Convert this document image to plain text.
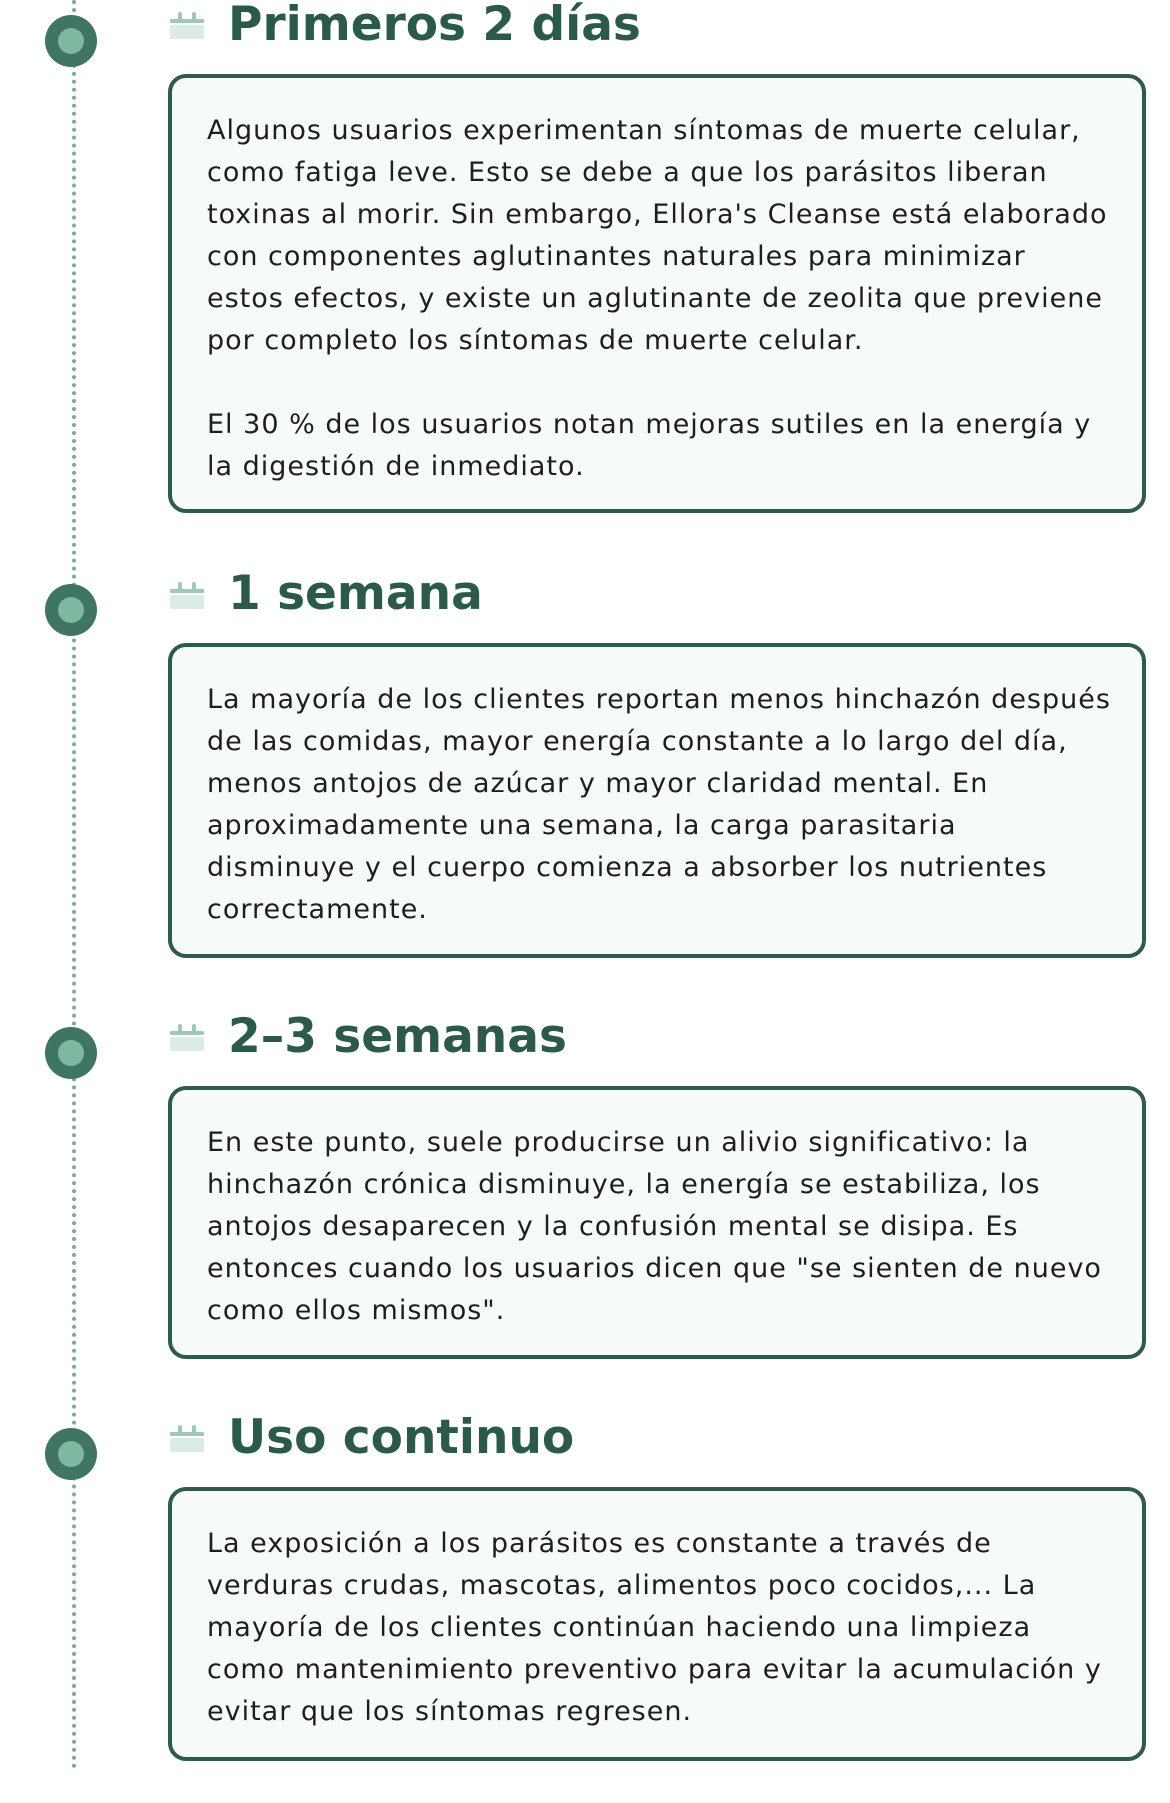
Primeros 2 días

Algunos usuarios experimentan síntomas de muerte celular, como fatiga leve. Esto se debe a que los parásitos liberan toxinas al morir. Sin embargo, Ellora's Cleanse está elaborado con componentes aglutinantes naturales para minimizar estos efectos, y existe un aglutinante de zeolita que previene por completo los síntomas de muerte celular.

El 30 % de los usuarios notan mejoras sutiles en la energía y la digestión de inmediato.

1 semana

La mayoría de los clientes reportan menos hinchazón después de las comidas, mayor energía constante a lo largo del día, menos antojos de azúcar y mayor claridad mental. En aproximadamente una semana, la carga parasitaria disminuye y el cuerpo comienza a absorber los nutrientes correctamente.

2–3 semanas

En este punto, suele producirse un alivio significativo: la hinchazón crónica disminuye, la energía se estabiliza, los antojos desaparecen y la confusión mental se disipa. Es entonces cuando los usuarios dicen que "se sienten de nuevo como ellos mismos".

Uso continuo

La exposición a los parásitos es constante a través de verduras crudas, mascotas, alimentos poco cocidos,... La mayoría de los clientes continúan haciendo una limpieza como mantenimiento preventivo para evitar la acumulación y evitar que los síntomas regresen.
